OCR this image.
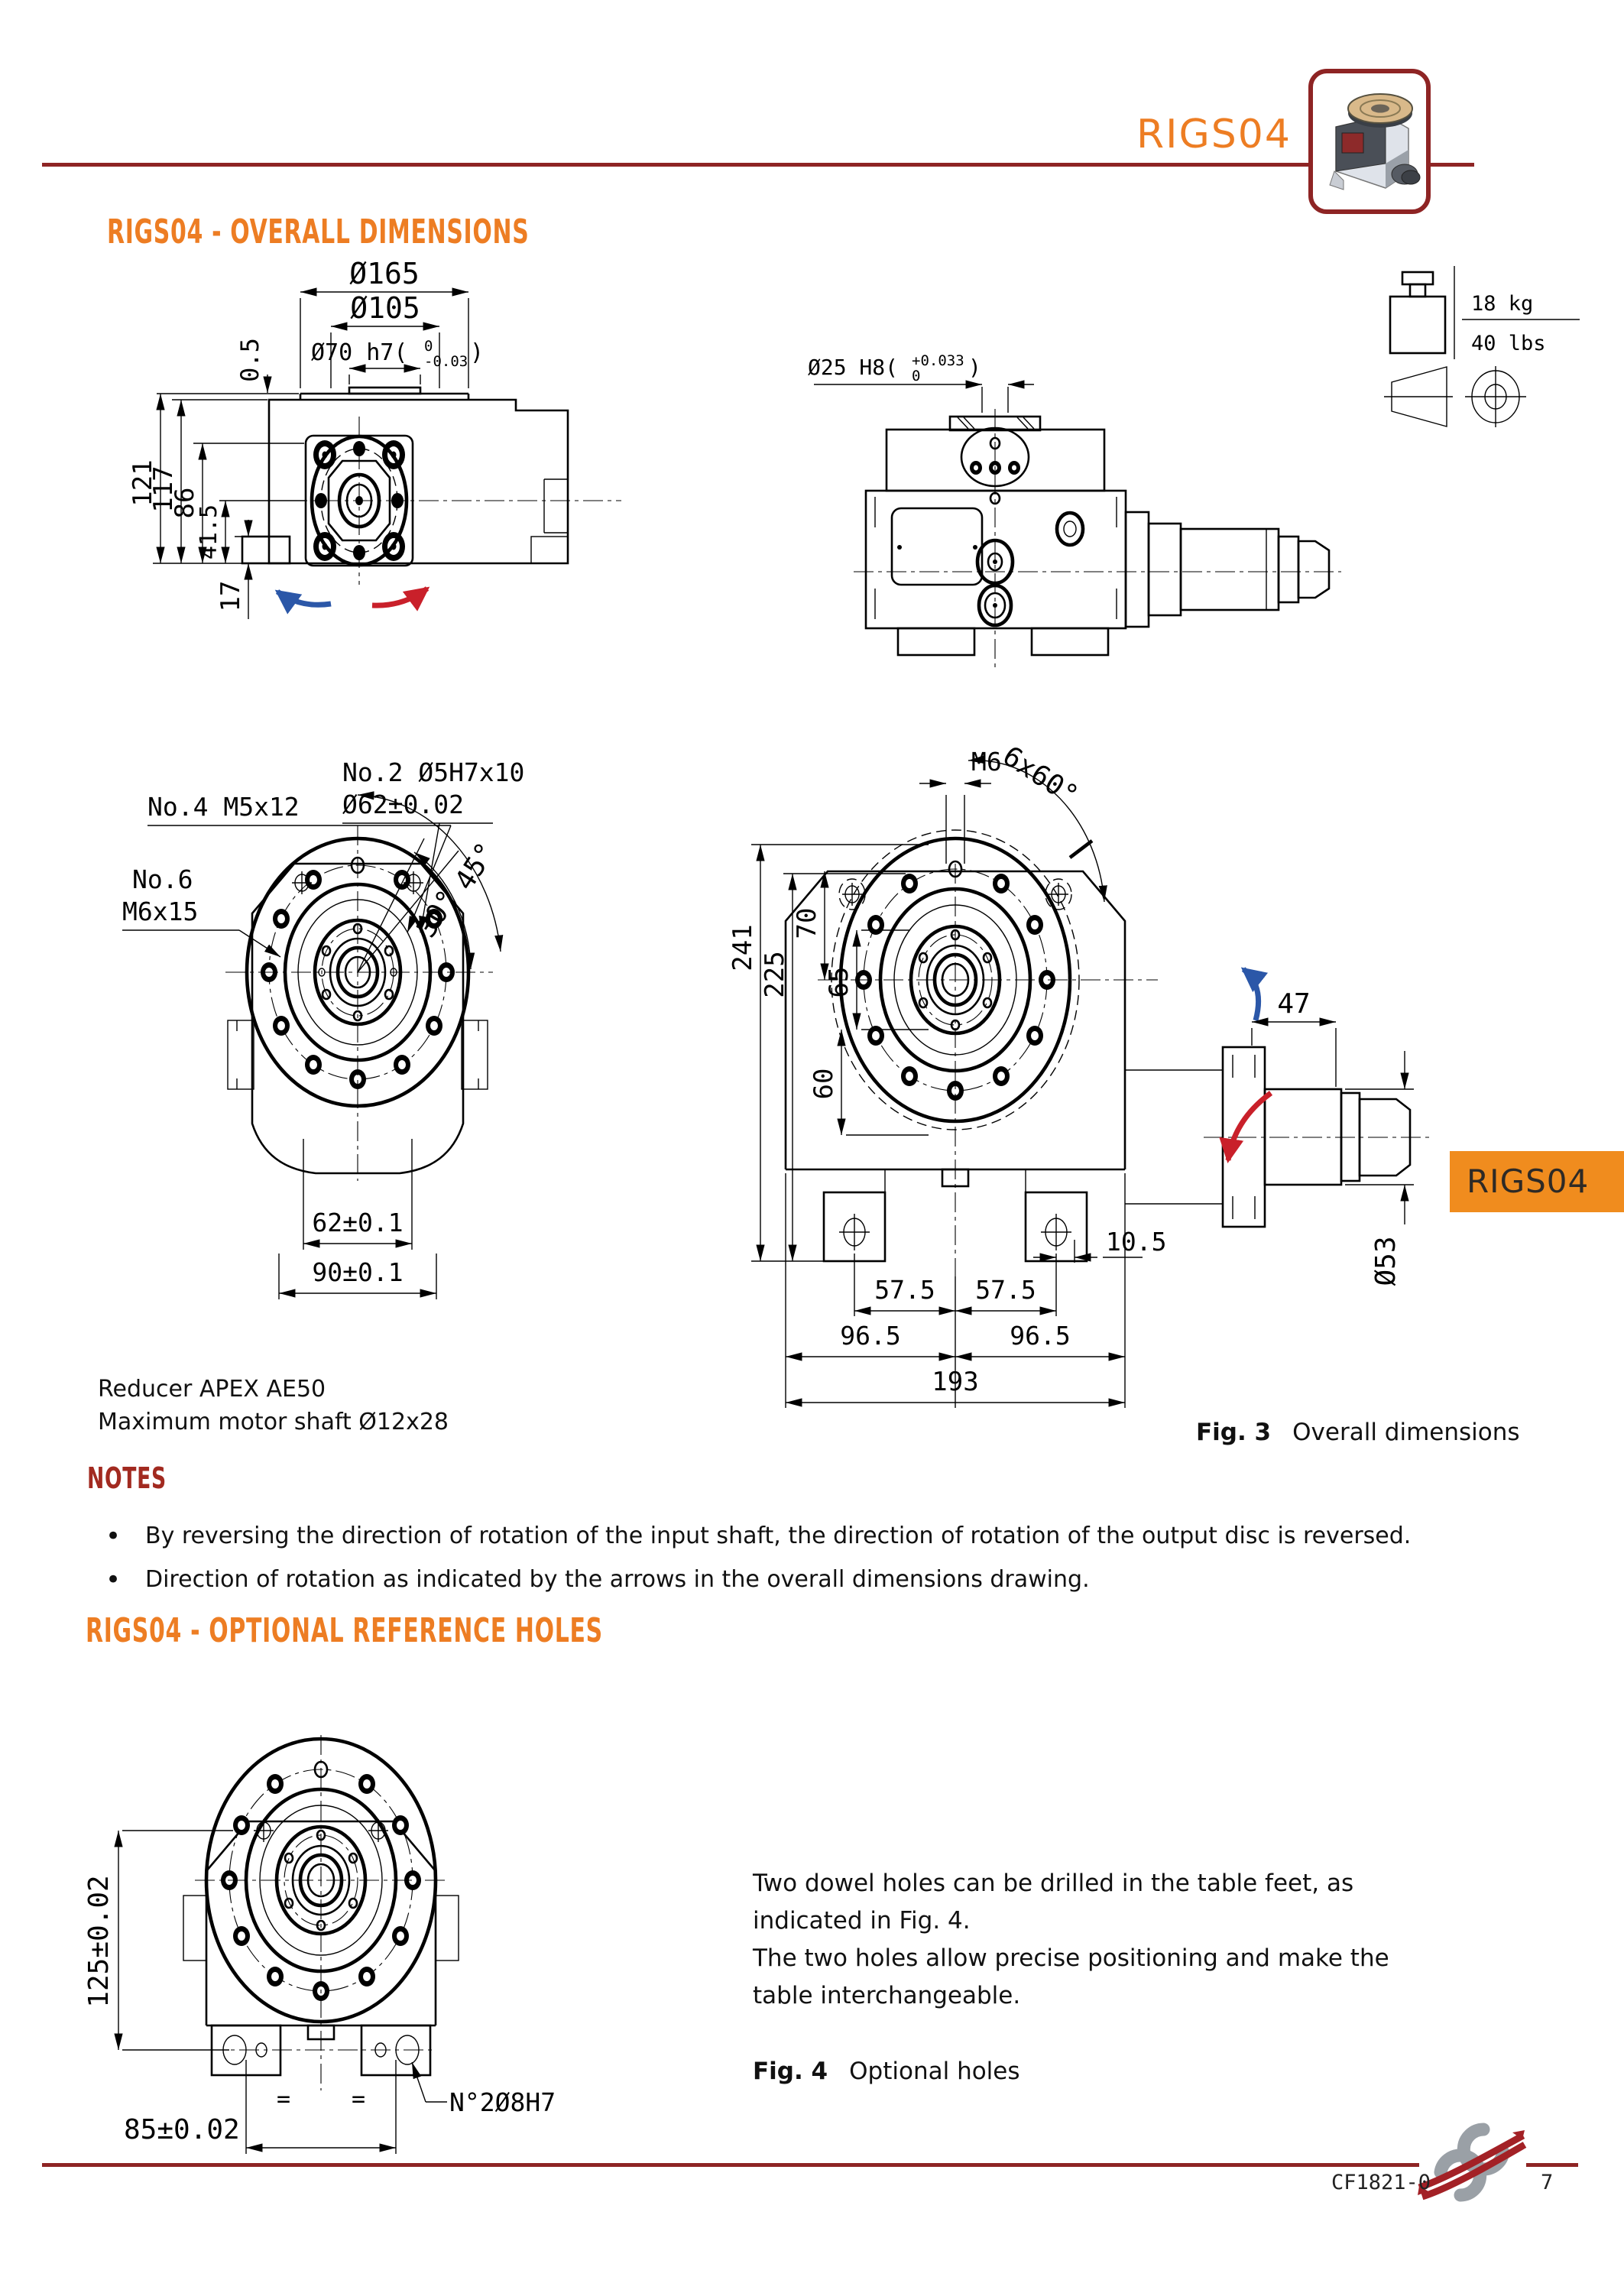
RIGS04
RIGS04 - OVERALL DIMENSIONS
Ø165
Ø105
Ø70 h7( 0
-0.03 )
0.5
121
117
86
41.5
17
Ø25 H8( +0.033
0 )
18 kg
40 lbs
No.4 M5x12
No.2 Ø5H7x10
Ø62±0.02
No.6
M6x15
45°
30°
62±0.1
90±0.1
M6
6x60°
241
225
70
65
60
10.5
57.5 57.5
96.5	96.5
193
47
Ø53
Reducer APEX AE50
Maximum motor shaft Ø12x28	Fig. 3 Overall dimensions
NOTES
• By reversing the direction of rotation of the input shaft, the direction of rotation of the output disc is reversed.
• Direction of rotation as indicated by the arrows in the overall dimensions drawing.
RIGS04 - OPTIONAL REFERENCE HOLES
125±0.02
85±0.02
=	=	N°2Ø8H7
Two dowel holes can be drilled in the table feet, as indicated in Fig. 4.
The two holes allow precise positioning and make the table interchangeable.
Fig. 4 Optional holes
RIGS04
CF1821-0	7
